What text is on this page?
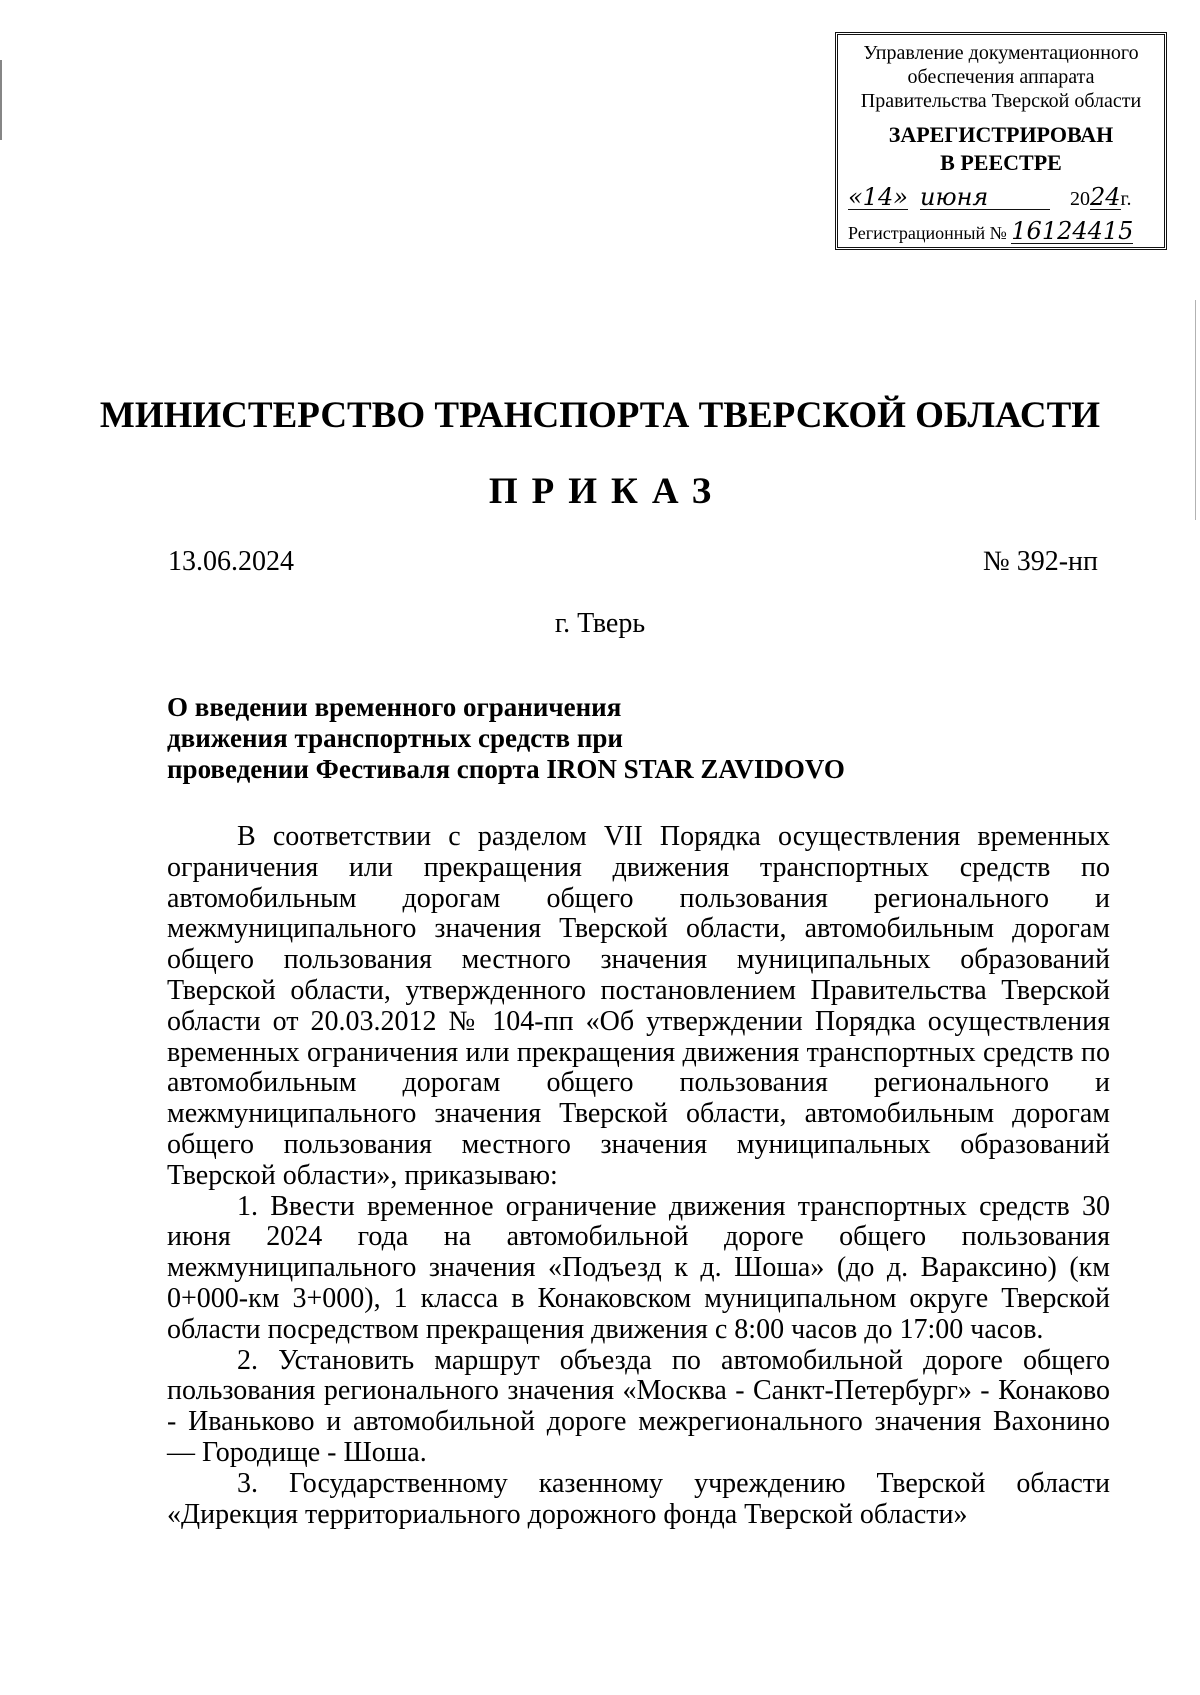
Управление документационного
обеспечения аппарата
Правительства Тверской области
ЗАРЕГИСТРИРОВАН
В РЕЕСТРЕ
«14» июня	2024г.
Регистрационный № 16124415
МИНИСТЕРСТВО ТРАНСПОРТА ТВЕРСКОЙ ОБЛАСТИ
ПРИКАЗ
13.06.2024	№ 392-нп
г. Тверь
О введении временного ограничения
движения транспортных средств при
проведении Фестиваля спорта IRON STAR ZAVIDOVO

В соответствии с разделом VII Порядка осуществления временных ограничения или прекращения движения транспортных средств по автомобильным дорогам общего пользования регионального и межмуниципального значения Тверской области, автомобильным дорогам общего пользования местного значения муниципальных образований Тверской области, утвержденного постановлением Правительства Тверской области от 20.03.2012 № 104-пп «Об утверждении Порядка осуществления временных ограничения или прекращения движения транспортных средств по автомобильным дорогам общего пользования регионального и межмуниципального значения Тверской области, автомобильным дорогам общего пользования местного значения муниципальных образований Тверской области», приказываю:

1. Ввести временное ограничение движения транспортных средств 30 июня 2024 года на автомобильной дороге общего пользования межмуниципального значения «Подъезд к д. Шоша» (до д. Вараксино) (км 0+000-км 3+000), 1 класса в Конаковском муниципальном округе Тверской области посредством прекращения движения с 8:00 часов до 17:00 часов.

2. Установить маршрут объезда по автомобильной дороге общего пользования регионального значения «Москва - Санкт-Петербург» - Конаково - Иваньково и автомобильной дороге межрегионального значения Вахонино — Городище - Шоша.

3. Государственному казенному учреждению Тверской области «Дирекция территориального дорожного фонда Тверской области»
